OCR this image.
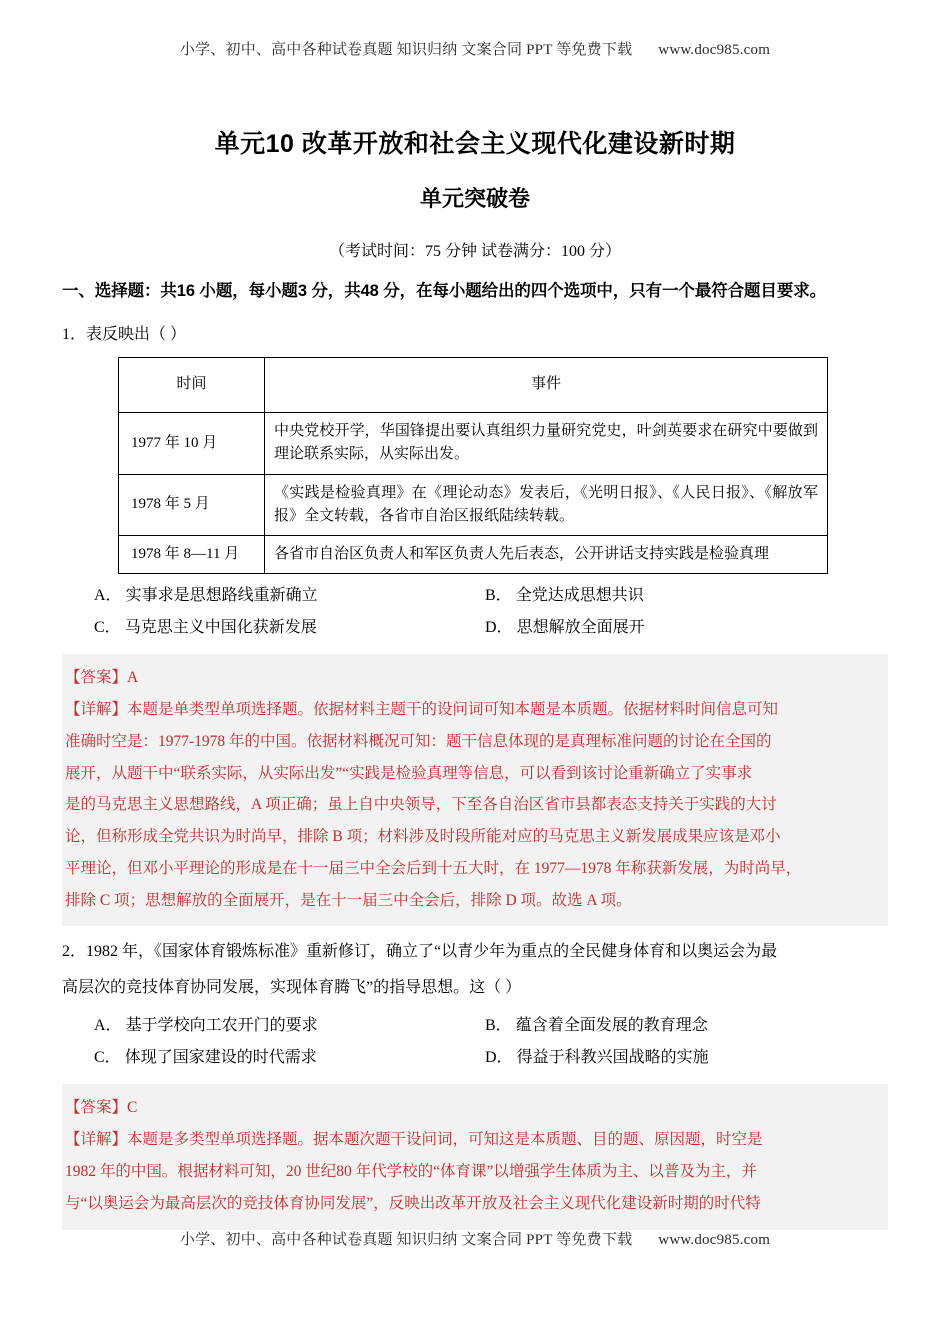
小学、初中、高中各种试卷真题 知识归纳 文案合同 PPT 等免费下载 www.doc985.com
单元10 改革开放和社会主义现代化建设新时期
单元突破卷
（考试时间：75 分钟 试卷满分：100 分）
一、选择题：共16 小题，每小题3 分，共48 分，在每小题给出的四个选项中，只有一个最符合题目要求。
1．表反映出（ ）
时间	事件
1977 年 10 月	中央党校开学，华国锋提出要认真组织力量研究党史，叶剑英要求在研究中要做到理论联系实际，从实际出发。
1978 年 5 月	《实践是检验真理》在《理论动态》发表后，《光明日报》、《人民日报》、《解放军报》全文转载，各省市自治区报纸陆续转载。
1978 年 8—11 月	各省市自治区负责人和军区负责人先后表态，公开讲话支持实践是检验真理
A． 实事求是思想路线重新确立	B． 全党达成思想共识
C． 马克思主义中国化获新发展	D． 思想解放全面展开
【答案】A
【详解】本题是单类型单项选择题。依据材料主题干的设问词可知本题是本质题。依据材料时间信息可知
准确时空是：1977-1978 年的中国。依据材料概况可知：题干信息体现的是真理标准问题的讨论在全国的
展开，从题干中“联系实际，从实际出发”“实践是检验真理等信息，可以看到该讨论重新确立了实事求
是的马克思主义思想路线，A 项正确；虽上自中央领导，下至各自治区省市县都表态支持关于实践的大讨
论，但称形成全党共识为时尚早，排除 B 项；材料涉及时段所能对应的马克思主义新发展成果应该是邓小
平理论，但邓小平理论的形成是在十一届三中全会后到十五大时，在 1977—1978 年称获新发展，为时尚早，
排除 C 项；思想解放的全面展开，是在十一届三中全会后，排除 D 项。故选 A 项。
2．1982 年，《国家体育锻炼标准》重新修订，确立了“以青少年为重点的全民健身体育和以奥运会为最
高层次的竞技体育协同发展，实现体育腾飞”的指导思想。这（ ）
A． 基于学校向工农开门的要求	B． 蕴含着全面发展的教育理念
C． 体现了国家建设的时代需求	D． 得益于科教兴国战略的实施
【答案】C
【详解】本题是多类型单项选择题。据本题次题干设问词，可知这是本质题、目的题、原因题，时空是
1982 年的中国。根据材料可知，20 世纪80 年代学校的“体育课”以增强学生体质为主、以普及为主，并
与“以奥运会为最高层次的竞技体育协同发展”，反映出改革开放及社会主义现代化建设新时期的时代特
小学、初中、高中各种试卷真题 知识归纳 文案合同 PPT 等免费下载 www.doc985.com
